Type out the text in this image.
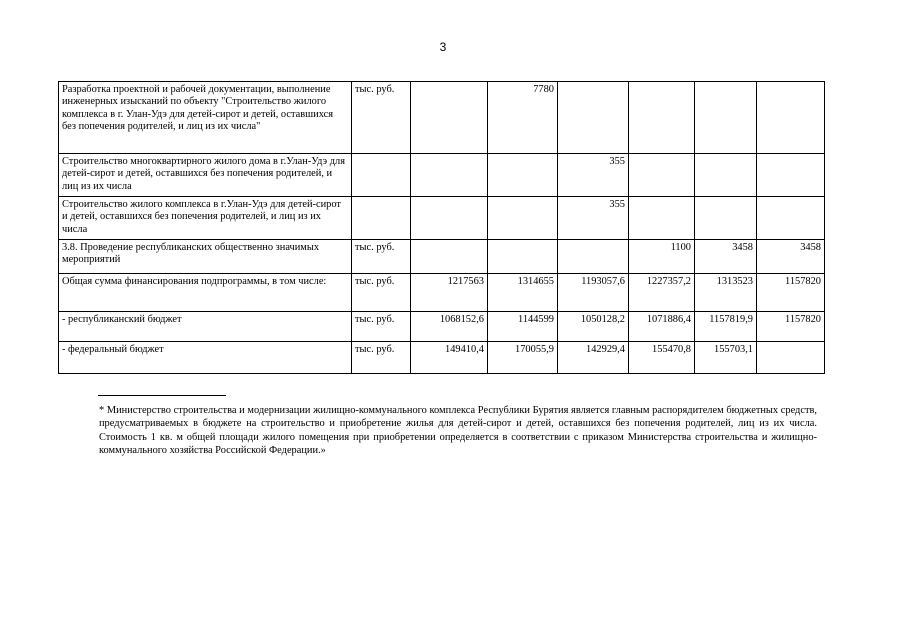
3
Разработка проектной и рабочей документации, выполнение инженерных изысканий по объекту "Строительство жилого комплекса в г. Улан-Удэ для детей-сирот и детей, оставшихся без попечения родителей, и лиц из их числа"	тыс. руб.		7780				
Строительство многоквартирного жилого дома в г.Улан-Удэ для детей-сирот и детей, оставшихся без попечения родителей, и лиц из их числа				355			
Строительство жилого комплекса в г.Улан-Удэ для детей-сирот и детей, оставшихся без попечения родителей, и лиц из их числа				355			
3.8. Проведение республиканских общественно значимых мероприятий	тыс. руб.				1100	3458	3458
Общая сумма финансирования подпрограммы, в том числе:	тыс. руб.	1217563	1314655	1193057,6	1227357,2	1313523	1157820
- республиканский бюджет	тыс. руб.	1068152,6	1144599	1050128,2	1071886,4	1157819,9	1157820
- федеральный бюджет	тыс. руб.	149410,4	170055,9	142929,4	155470,8	155703,1	
* Министерство строительства и модернизации жилищно-коммунального комплекса Республики Бурятия является главным распорядителем бюджетных средств, предусматриваемых в бюджете на строительство и приобретение жилья для детей-сирот и детей, оставшихся без попечения родителей, лиц из их числа. Стоимость 1 кв. м общей площади жилого помещения при приобретении определяется в соответствии с приказом Министерства строительства и жилищно-коммунального хозяйства Российской Федерации.»
